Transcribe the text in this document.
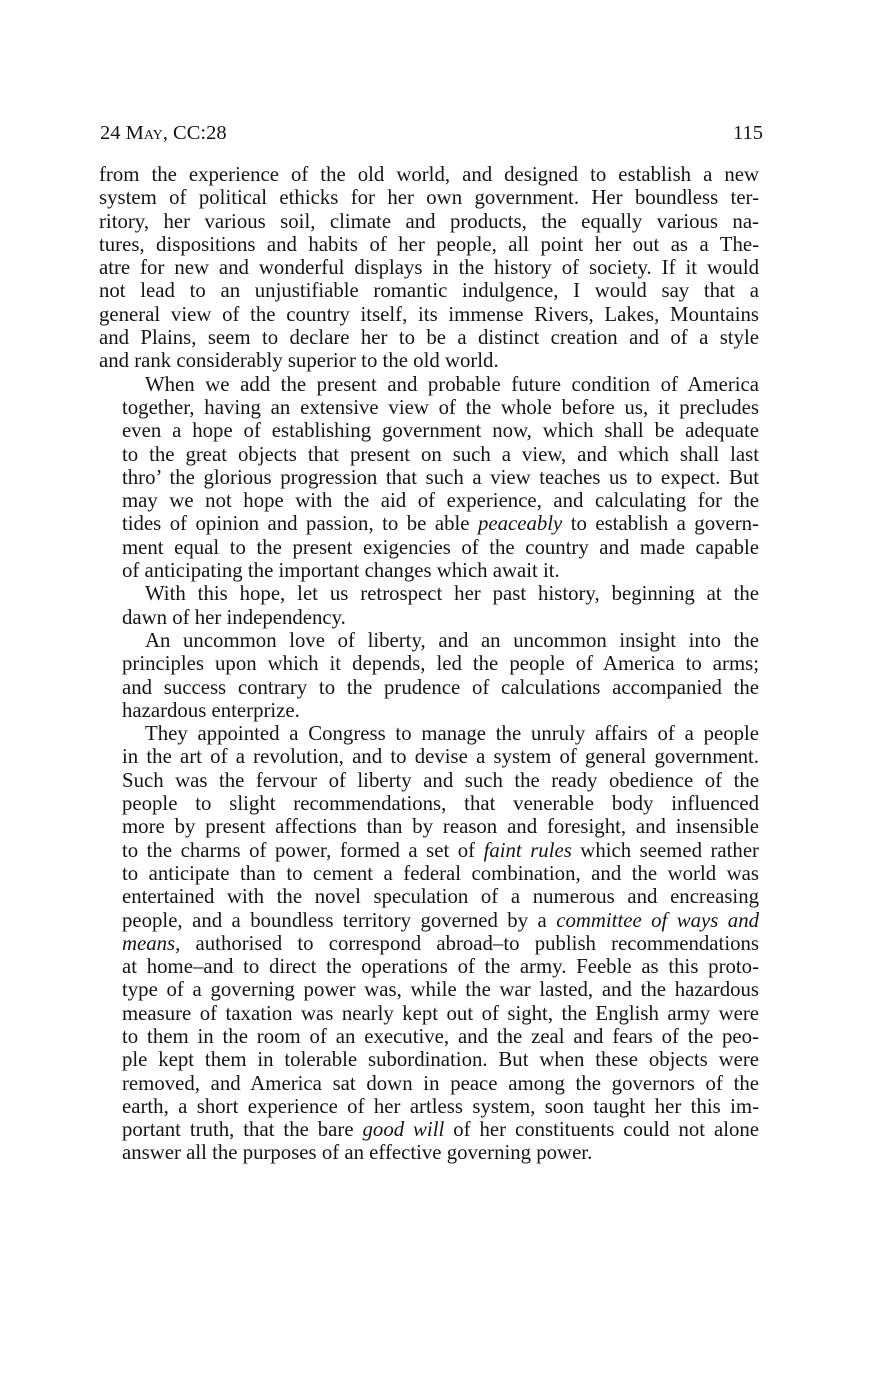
24 May, CC:28	115

from the experience of the old world, and designed to establish a new
system of political ethicks for her own government. Her boundless ter-
ritory, her various soil, climate and products, the equally various na-
tures, dispositions and habits of her people, all point her out as a The-
atre for new and wonderful displays in the history of society. If it would
not lead to an unjustifiable romantic indulgence, I would say that a
general view of the country itself, its immense Rivers, Lakes, Mountains
and Plains, seem to declare her to be a distinct creation and of a style
and rank considerably superior to the old world.

When we add the present and probable future condition of America
together, having an extensive view of the whole before us, it precludes
even a hope of establishing government now, which shall be adequate
to the great objects that present on such a view, and which shall last
thro’ the glorious progression that such a view teaches us to expect. But
may we not hope with the aid of experience, and calculating for the
tides of opinion and passion, to be able peaceably to establish a govern-
ment equal to the present exigencies of the country and made capable
of anticipating the important changes which await it.

With this hope, let us retrospect her past history, beginning at the
dawn of her independency.

An uncommon love of liberty, and an uncommon insight into the
principles upon which it depends, led the people of America to arms;
and success contrary to the prudence of calculations accompanied the
hazardous enterprize.

They appointed a Congress to manage the unruly affairs of a people
in the art of a revolution, and to devise a system of general government.
Such was the fervour of liberty and such the ready obedience of the
people to slight recommendations, that venerable body influenced
more by present affections than by reason and foresight, and insensible
to the charms of power, formed a set of faint rules which seemed rather
to anticipate than to cement a federal combination, and the world was
entertained with the novel speculation of a numerous and encreasing
people, and a boundless territory governed by a committee of ways and
means, authorised to correspond abroad–to publish recommendations
at home–and to direct the operations of the army. Feeble as this proto-
type of a governing power was, while the war lasted, and the hazardous
measure of taxation was nearly kept out of sight, the English army were
to them in the room of an executive, and the zeal and fears of the peo-
ple kept them in tolerable subordination. But when these objects were
removed, and America sat down in peace among the governors of the
earth, a short experience of her artless system, soon taught her this im-
portant truth, that the bare good will of her constituents could not alone
answer all the purposes of an effective governing power.
